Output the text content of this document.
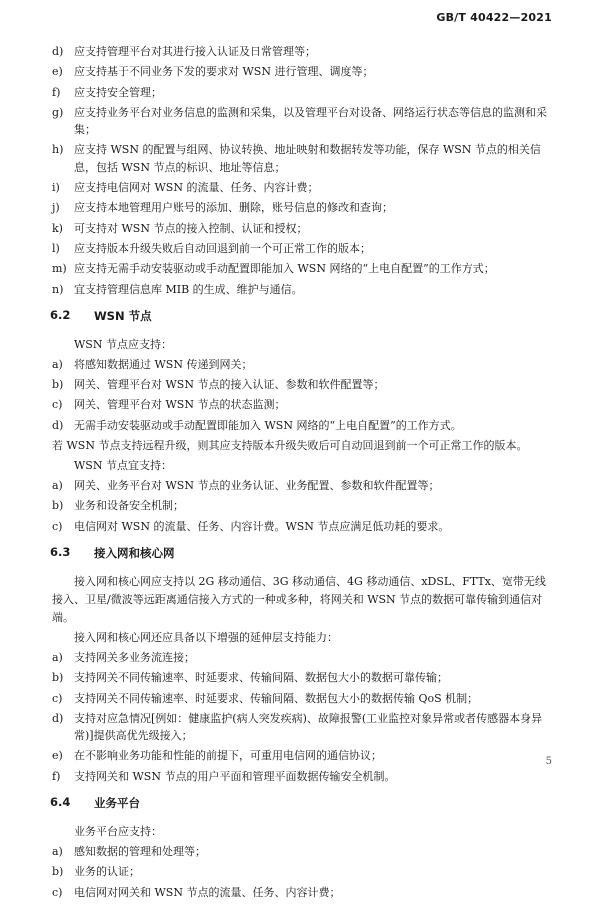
GB/T 40422—2021
d) 应支持管理平台对其进行接入认证及日常管理等；
e)	应支持基于不同业务下发的要求对 WSN 进行管理、调度等；
f)	应支持安全管理；
g) 应支持业务平台对业务信息的监测和采集，以及管理平台对设备、网络运行状态等信息的监测和采集；
h) 应支持 WSN 的配置与组网、协议转换、地址映射和数据转发等功能，保存 WSN 节点的相关信息，包括 WSN 节点的标识、地址等信息；
i)	应支持电信网对 WSN 的流量、任务、内容计费；
j)	应支持本地管理用户账号的添加、删除，账号信息的修改和查询；
k)	可支持对 WSN 节点的接入控制、认证和授权；
l)	应支持版本升级失败后自动回退到前一个可正常工作的版本；
m) 应支持无需手动安装驱动或手动配置即能加入 WSN 网络的“上电自配置”的工作方式；
n) 宜支持管理信息库 MIB 的生成、维护与通信。
6.2 WSN 节点
WSN 节点应支持：
a)	将感知数据通过 WSN 传递到网关；
b) 网关、管理平台对 WSN 节点的接入认证、参数和软件配置等；
c)	网关、管理平台对 WSN 节点的状态监测；
d) 无需手动安装驱动或手动配置即能加入 WSN 网络的“上电自配置”的工作方式。
若 WSN 节点支持远程升级，则其应支持版本升级失败后可自动回退到前一个可正常工作的版本。
WSN 节点宜支持：
a)	网关、业务平台对 WSN 节点的业务认证、业务配置、参数和软件配置等；
b) 业务和设备安全机制；
c)	电信网对 WSN 的流量、任务、内容计费。WSN 节点应满足低功耗的要求。
6.3 接入网和核心网
接入网和核心网应支持以 2G 移动通信、3G 移动通信、4G 移动通信、xDSL、FTTx、宽带无线接入、卫星/微波等远距离通信接入方式的一种或多种，将网关和 WSN 节点的数据可靠传输到通信对端。
接入网和核心网还应具备以下增强的延伸层支持能力：
a)	支持网关多业务流连接；
b) 支持网关不同传输速率、时延要求、传输间隔、数据包大小的数据可靠传输；
c)	支持网关不同传输速率、时延要求、传输间隔、数据包大小的数据传输 QoS 机制；
d) 支持对应急情况[例如：健康监护(病人突发疾病)、故障报警(工业监控对象异常或者传感器本身异常)]提供高优先级接入；
e)	在不影响业务功能和性能的前提下，可重用电信网的通信协议；
f)	支持网关和 WSN 节点的用户平面和管理平面数据传输安全机制。
6.4 业务平台
业务平台应支持：
a)	感知数据的管理和处理等；
b) 业务的认证；
c)	电信网对网关和 WSN 节点的流量、任务、内容计费；
5
